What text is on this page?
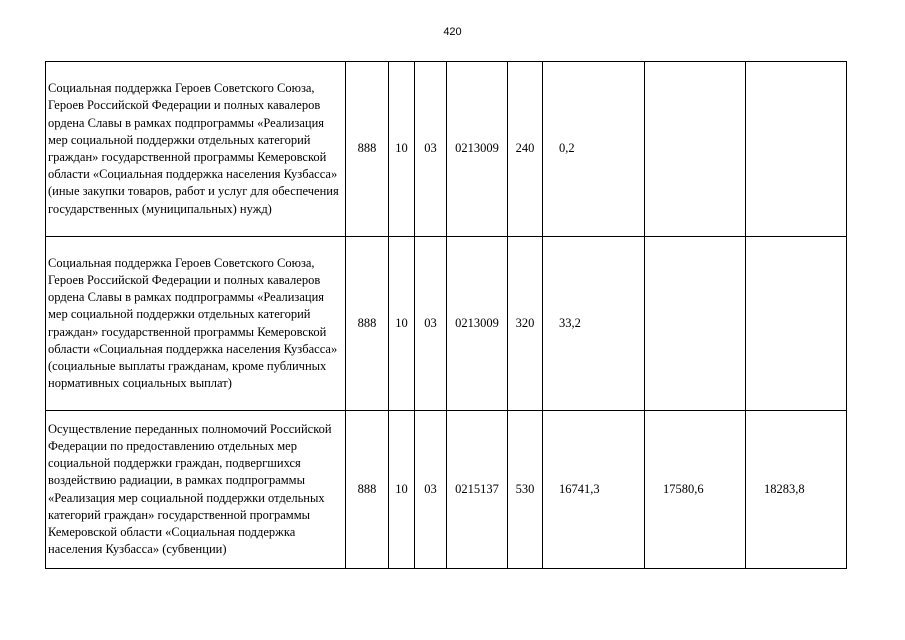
420
Социальная поддержка Героев Советского Союза, Героев Российской Федерации и полных кавалеров ордена Славы в рамках подпрограммы «Реализация мер социальной поддержки отдельных категорий граждан» государственной программы Кемеровской области «Социальная поддержка населения Кузбасса» (иные закупки товаров, работ и услуг для обеспечения государственных (муниципальных) нужд)	888	10	03	0213009	240	0,2		
Социальная поддержка Героев Советского Союза, Героев Российской Федерации и полных кавалеров ордена Славы в рамках подпрограммы «Реализация мер социальной поддержки отдельных категорий граждан» государственной программы Кемеровской области «Социальная поддержка населения Кузбасса» (социальные выплаты гражданам, кроме публичных нормативных социальных выплат)	888	10	03	0213009	320	33,2		
Осуществление переданных полномочий Российской Федерации по предоставлению отдельных мер социальной поддержки граждан, подвергшихся воздействию радиации, в рамках подпрограммы «Реализация мер социальной поддержки отдельных категорий граждан» государственной программы Кемеровской области «Социальная поддержка населения Кузбасса» (субвенции)	888	10	03	0215137	530	16741,3	17580,6	18283,8
